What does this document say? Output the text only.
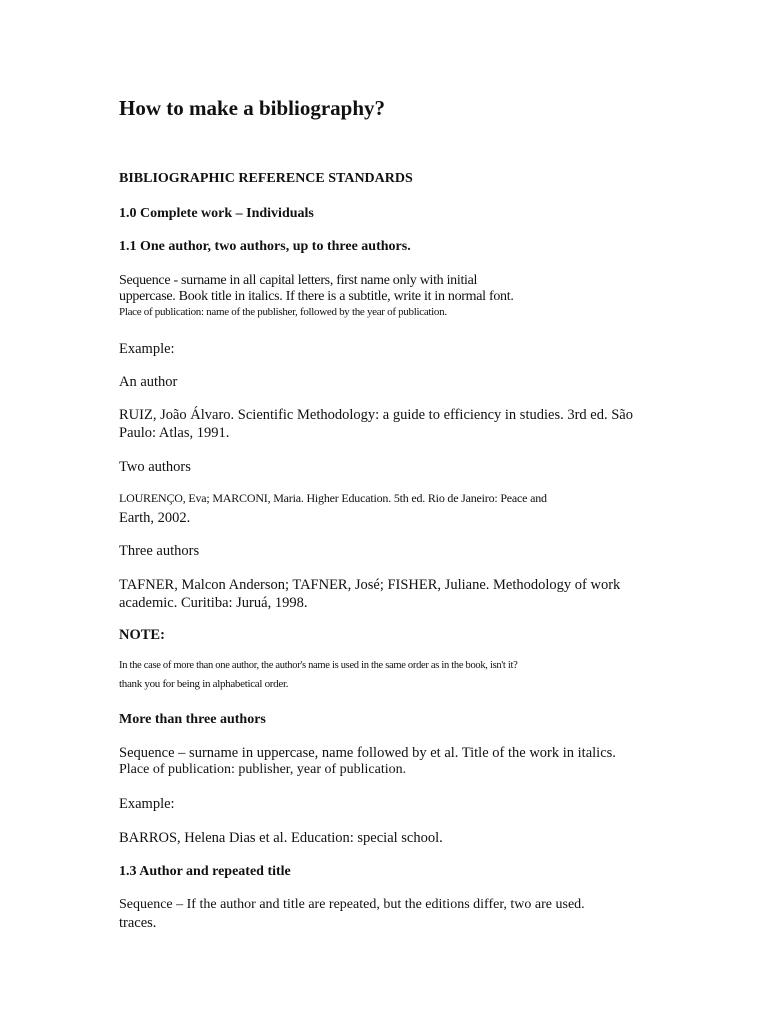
How to make a bibliography?
BIBLIOGRAPHIC REFERENCE STANDARDS
1.0 Complete work – Individuals
1.1 One author, two authors, up to three authors.
Sequence - surname in all capital letters, first name only with initial
uppercase. Book title in italics. If there is a subtitle, write it in normal font.
Place of publication: name of the publisher, followed by the year of publication.
Example:
An author
RUIZ, João Álvaro. Scientific Methodology: a guide to efficiency in studies. 3rd ed. São
Paulo: Atlas, 1991.
Two authors
LOURENÇO, Eva; MARCONI, Maria. Higher Education. 5th ed. Rio de Janeiro: Peace and
Earth, 2002.
Three authors
TAFNER, Malcon Anderson; TAFNER, José; FISHER, Juliane. Methodology of work
academic. Curitiba: Juruá, 1998.
NOTE:
In the case of more than one author, the author's name is used in the same order as in the book, isn't it?
thank you for being in alphabetical order.
More than three authors
Sequence – surname in uppercase, name followed by et al. Title of the work in italics.
Place of publication: publisher, year of publication.
Example:
BARROS, Helena Dias et al. Education: special school.
1.3 Author and repeated title
Sequence – If the author and title are repeated, but the editions differ, two are used.
traces.
